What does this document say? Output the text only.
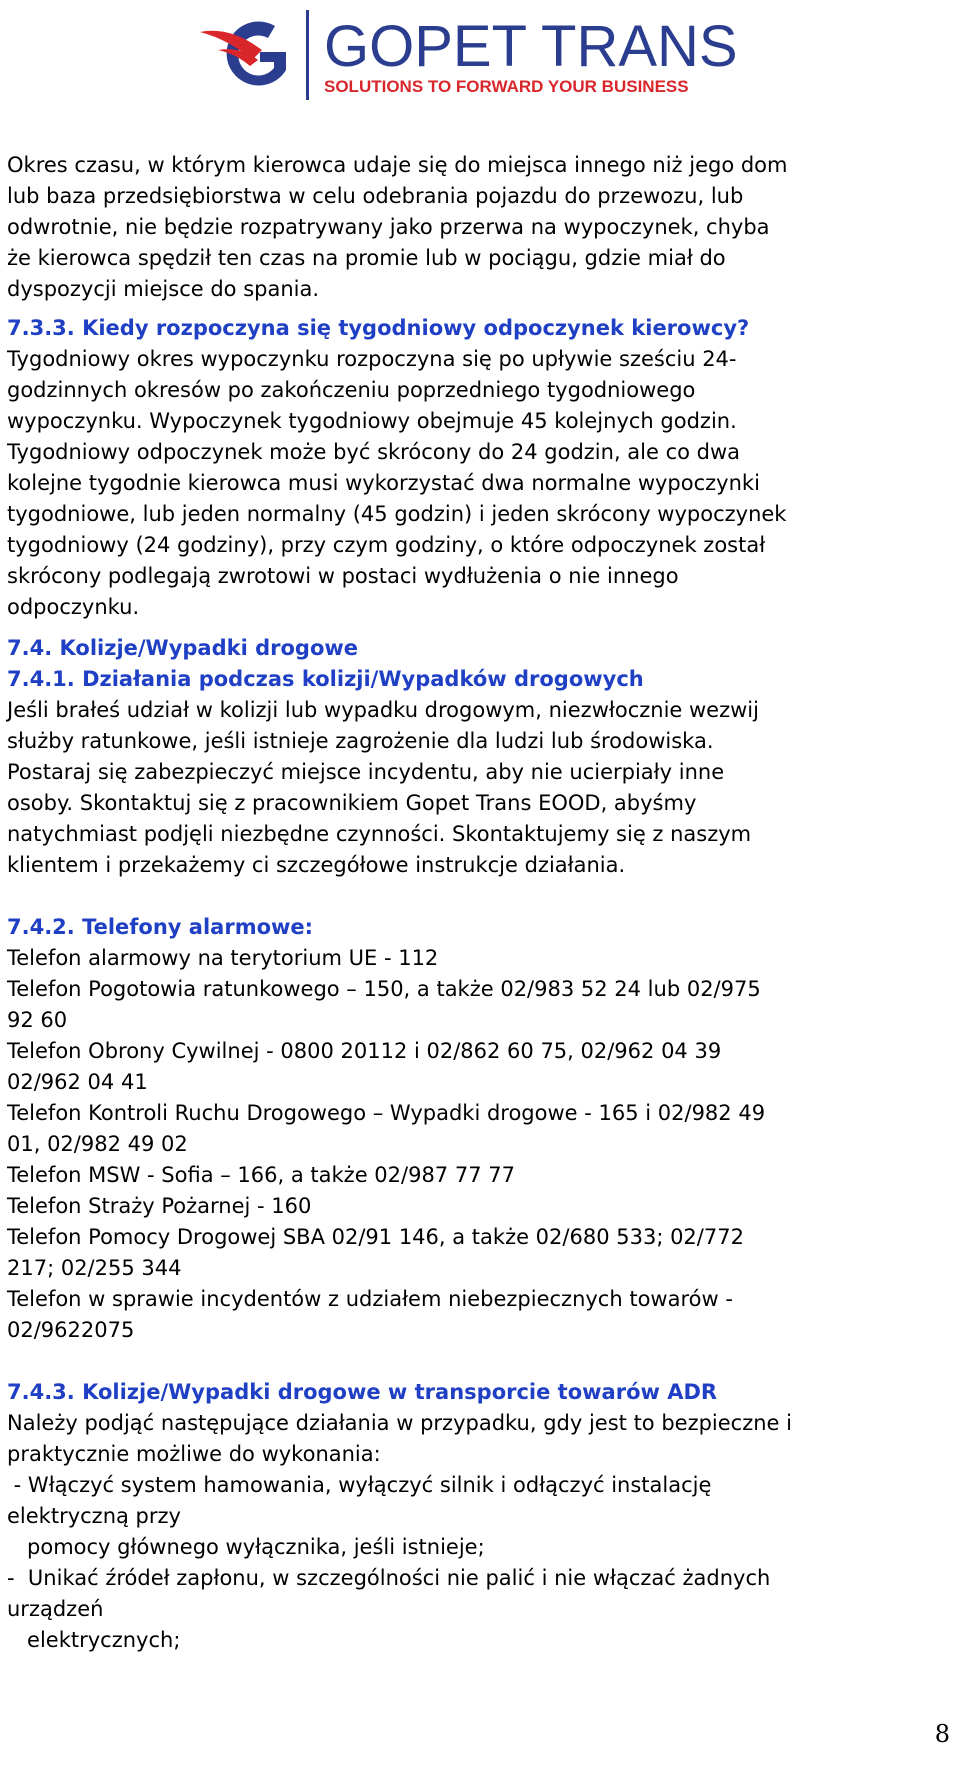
GOPET TRANS
SOLUTIONS TO FORWARD YOUR BUSINESS

Okres czasu, w którym kierowca udaje się do miejsca innego niż jego dom

lub baza przedsiębiorstwa w celu odebrania pojazdu do przewozu, lub

odwrotnie, nie będzie rozpatrywany jako przerwa na wypoczynek, chyba

że kierowca spędził ten czas na promie lub w pociągu, gdzie miał do

dyspozycji miejsce do spania.

7.3.3. Kiedy rozpoczyna się tygodniowy odpoczynek kierowcy?

Tygodniowy okres wypoczynku rozpoczyna się po upływie sześciu 24-

godzinnych okresów po zakończeniu poprzedniego tygodniowego

wypoczynku. Wypoczynek tygodniowy obejmuje 45 kolejnych godzin.

Tygodniowy odpoczynek może być skrócony do 24 godzin, ale co dwa

kolejne tygodnie kierowca musi wykorzystać dwa normalne wypoczynki

tygodniowe, lub jeden normalny (45 godzin) i jeden skrócony wypoczynek

tygodniowy (24 godziny), przy czym godziny, o które odpoczynek został

skrócony podlegają zwrotowi w postaci wydłużenia o nie innego

odpoczynku.

7.4. Kolizje/Wypadki drogowe

7.4.1. Działania podczas kolizji/Wypadków drogowych

Jeśli brałeś udział w kolizji lub wypadku drogowym, niezwłocznie wezwij

służby ratunkowe, jeśli istnieje zagrożenie dla ludzi lub środowiska.

Postaraj się zabezpieczyć miejsce incydentu, aby nie ucierpiały inne

osoby. Skontaktuj się z pracownikiem Gopet Trans EOOD, abyśmy

natychmiast podjęli niezbędne czynności. Skontaktujemy się z naszym

klientem i przekażemy ci szczegółowe instrukcje działania.

7.4.2. Telefony alarmowe:

Telefon alarmowy na terytorium UE - 112

Telefon Pogotowia ratunkowego – 150, a także 02/983 52 24 lub 02/975

92 60

Telefon Obrony Cywilnej - 0800 20112 i 02/862 60 75, 02/962 04 39

02/962 04 41

Telefon Kontroli Ruchu Drogowego – Wypadki drogowe - 165 i 02/982 49

01, 02/982 49 02

Telefon MSW - Sofia – 166, a także 02/987 77 77

Telefon Straży Pożarnej - 160

Telefon Pomocy Drogowej SBA 02/91 146, a także 02/680 533; 02/772

217; 02/255 344

Telefon w sprawie incydentów z udziałem niebezpiecznych towarów -

02/9622075

7.4.3. Kolizje/Wypadki drogowe w transporcie towarów ADR

Należy podjąć następujące działania w przypadku, gdy jest to bezpieczne i

praktycznie możliwe do wykonania:

- Włączyć system hamowania, wyłączyć silnik i odłączyć instalację

elektryczną przy

pomocy głównego wyłącznika, jeśli istnieje;

-  Unikać źródeł zapłonu, w szczególności nie palić i nie włączać żadnych

urządzeń

elektrycznych;

8
